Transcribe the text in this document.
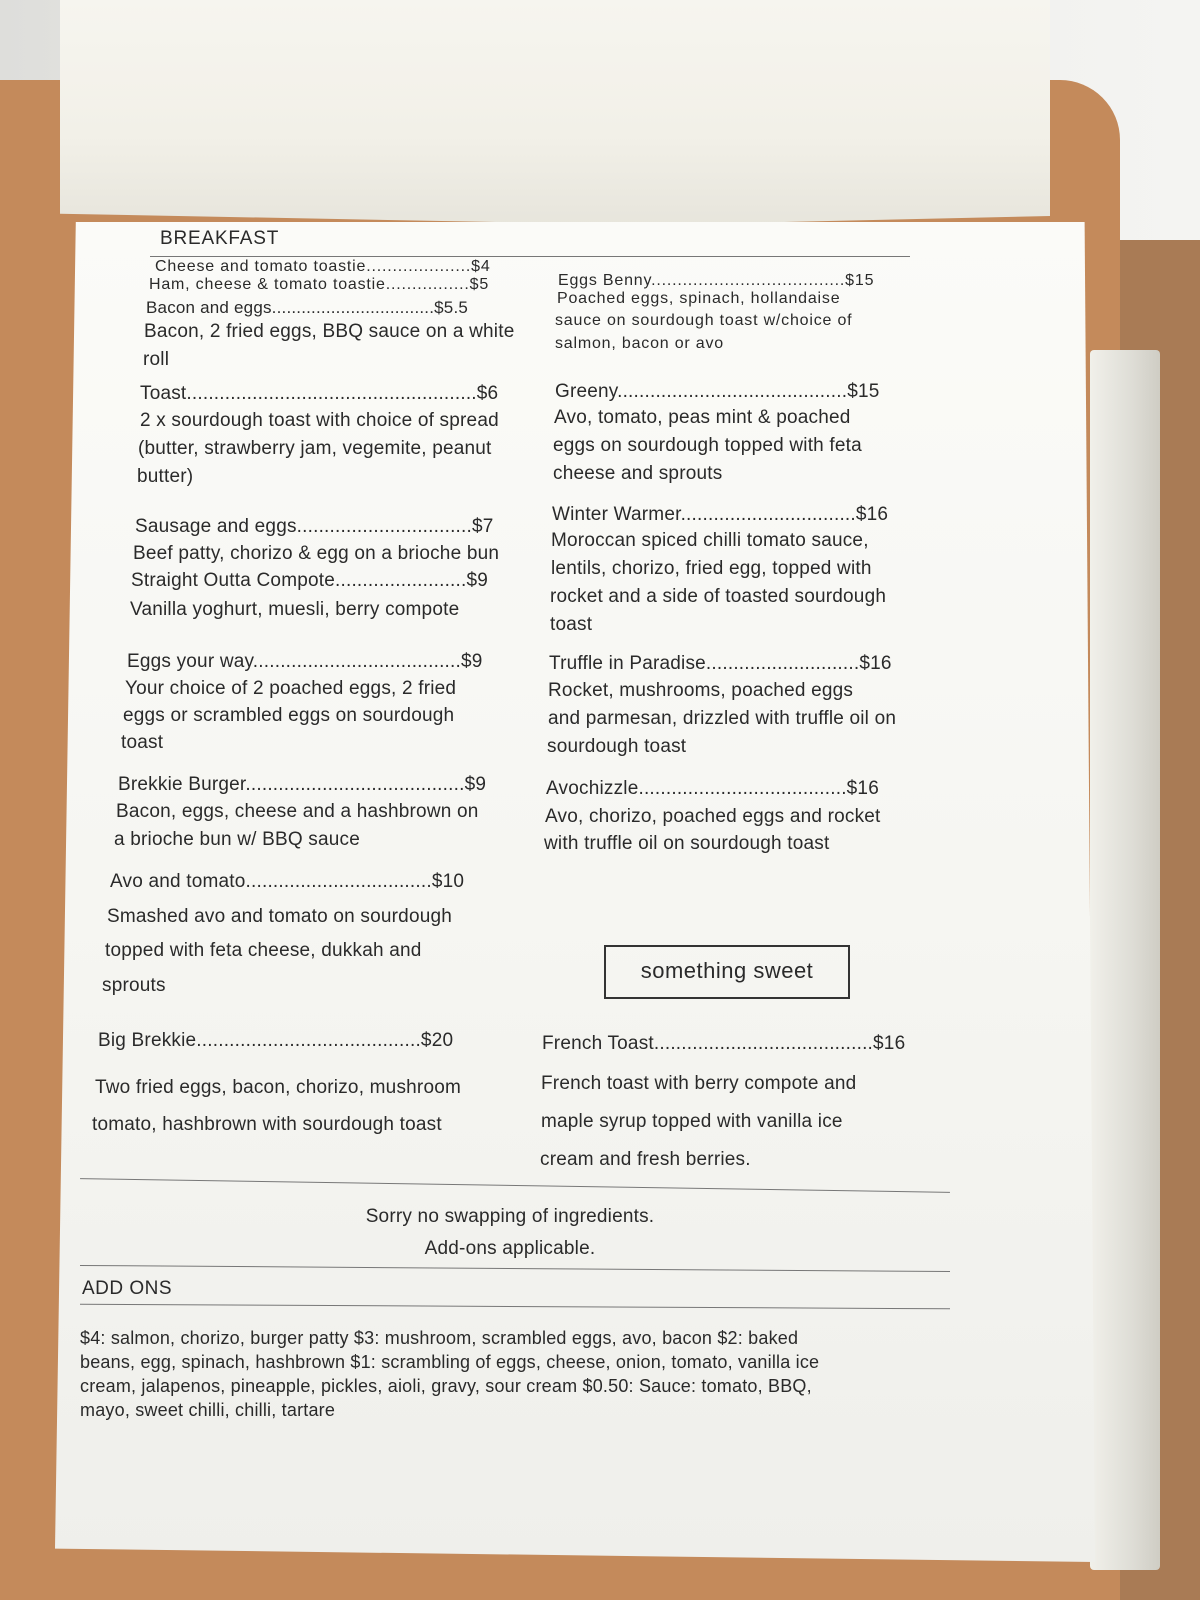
BREAKFAST
Cheese and tomato toastie....................$4
Ham, cheese & tomato toastie................$5
Bacon and eggs.................................$5.5
Bacon, 2 fried eggs, BBQ sauce on a white
roll
Toast.....................................................$6
2 x sourdough toast with choice of spread
(butter, strawberry jam, vegemite, peanut
butter)
Sausage and eggs................................$7
Beef patty, chorizo & egg on a brioche bun
Straight Outta Compote........................$9
Vanilla yoghurt, muesli, berry compote
Eggs your way......................................$9
Your choice of 2 poached eggs, 2 fried
eggs or scrambled eggs on sourdough
toast
Brekkie Burger........................................$9
Bacon, eggs, cheese and a hashbrown on
a brioche bun w/ BBQ sauce
Avo and tomato..................................$10
Smashed avo and tomato on sourdough
topped with feta cheese, dukkah and
sprouts
Big Brekkie.........................................$20
Two fried eggs, bacon, chorizo, mushroom
tomato, hashbrown with sourdough toast
Eggs Benny.....................................$15
Poached eggs, spinach, hollandaise
sauce on sourdough toast w/choice of
salmon, bacon or avo
Greeny..........................................$15
Avo, tomato, peas mint & poached
eggs on sourdough topped with feta
cheese and sprouts
Winter Warmer................................$16
Moroccan spiced chilli tomato sauce,
lentils, chorizo, fried egg, topped with
rocket and a side of toasted sourdough
toast
Truffle in Paradise............................$16
Rocket, mushrooms, poached eggs
and parmesan, drizzled with truffle oil on
sourdough toast
Avochizzle......................................$16
Avo, chorizo, poached eggs and rocket
with truffle oil on sourdough toast
something sweet
French Toast........................................$16
French toast with berry compote and
maple syrup topped with vanilla ice
cream and fresh berries.
Sorry no swapping of ingredients.
Add-ons applicable.
ADD ONS
$4: salmon, chorizo, burger patty $3: mushroom, scrambled eggs, avo, bacon $2: baked
beans, egg, spinach, hashbrown $1: scrambling of eggs, cheese, onion, tomato, vanilla ice
cream, jalapenos, pineapple, pickles, aioli, gravy, sour cream $0.50: Sauce: tomato, BBQ,
mayo, sweet chilli, chilli, tartare
